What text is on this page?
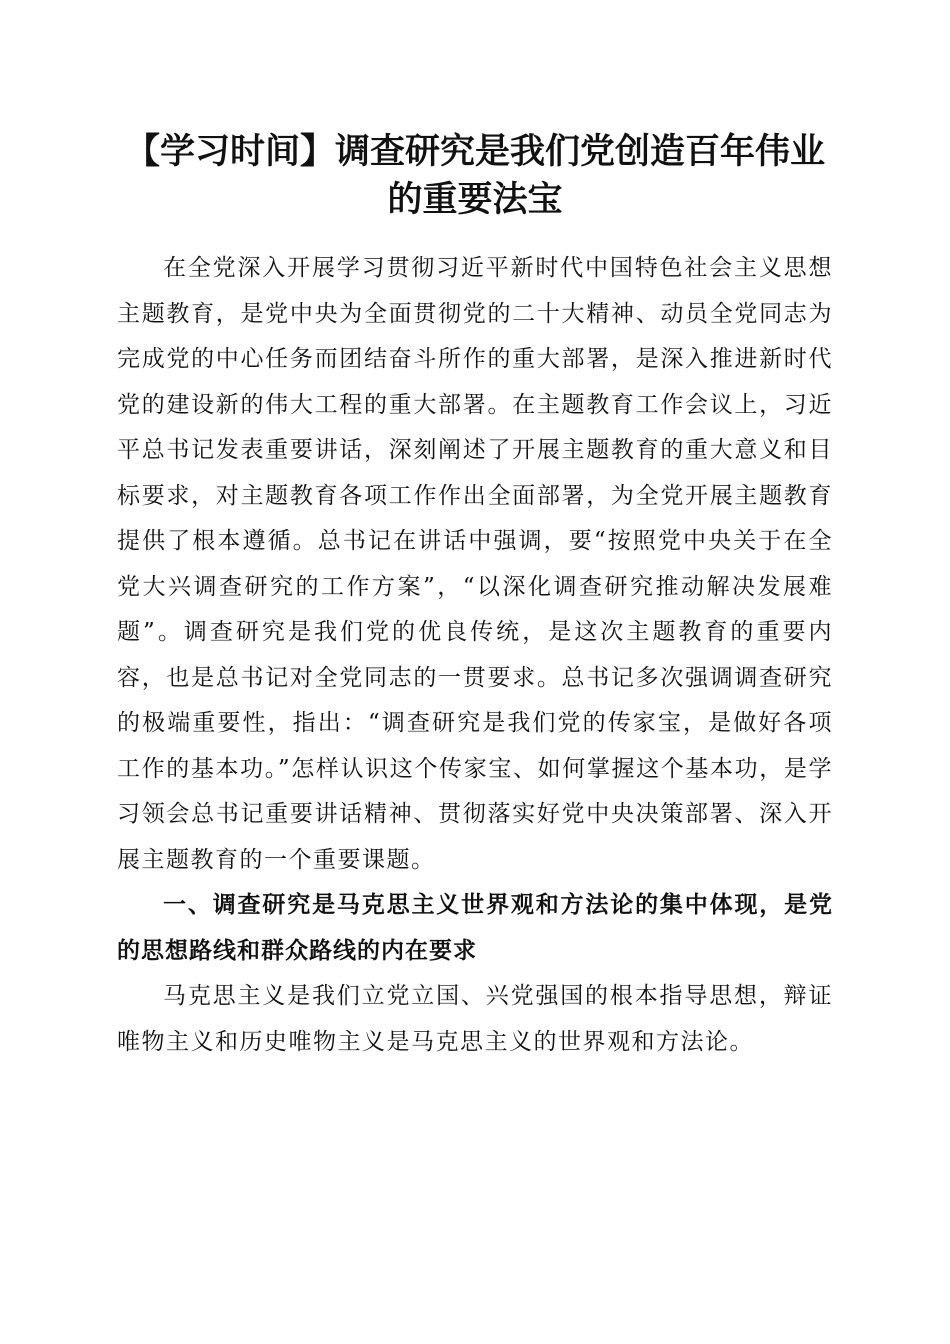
【学习时间】调查研究是我们党创造百年伟业
的重要法宝

在全党深入开展学习贯彻习近平新时代中国特色社会主义思想主题教育，是党中央为全面贯彻党的二十大精神、动员全党同志为完成党的中心任务而团结奋斗所作的重大部署，是深入推进新时代党的建设新的伟大工程的重大部署。在主题教育工作会议上，习近平总书记发表重要讲话，深刻阐述了开展主题教育的重大意义和目标要求，对主题教育各项工作作出全面部署，为全党开展主题教育提供了根本遵循。总书记在讲话中强调，要“按照党中央关于在全党大兴调查研究的工作方案”，“以深化调查研究推动解决发展难题”。调查研究是我们党的优良传统，是这次主题教育的重要内容，也是总书记对全党同志的一贯要求。总书记多次强调调查研究的极端重要性，指出：“调查研究是我们党的传家宝，是做好各项工作的基本功。”怎样认识这个传家宝、如何掌握这个基本功，是学习领会总书记重要讲话精神、贯彻落实好党中央决策部署、深入开展主题教育的一个重要课题。

一、调查研究是马克思主义世界观和方法论的集中体现，是党的思想路线和群众路线的内在要求

马克思主义是我们立党立国、兴党强国的根本指导思想，辩证唯物主义和历史唯物主义是马克思主义的世界观和方法论。
